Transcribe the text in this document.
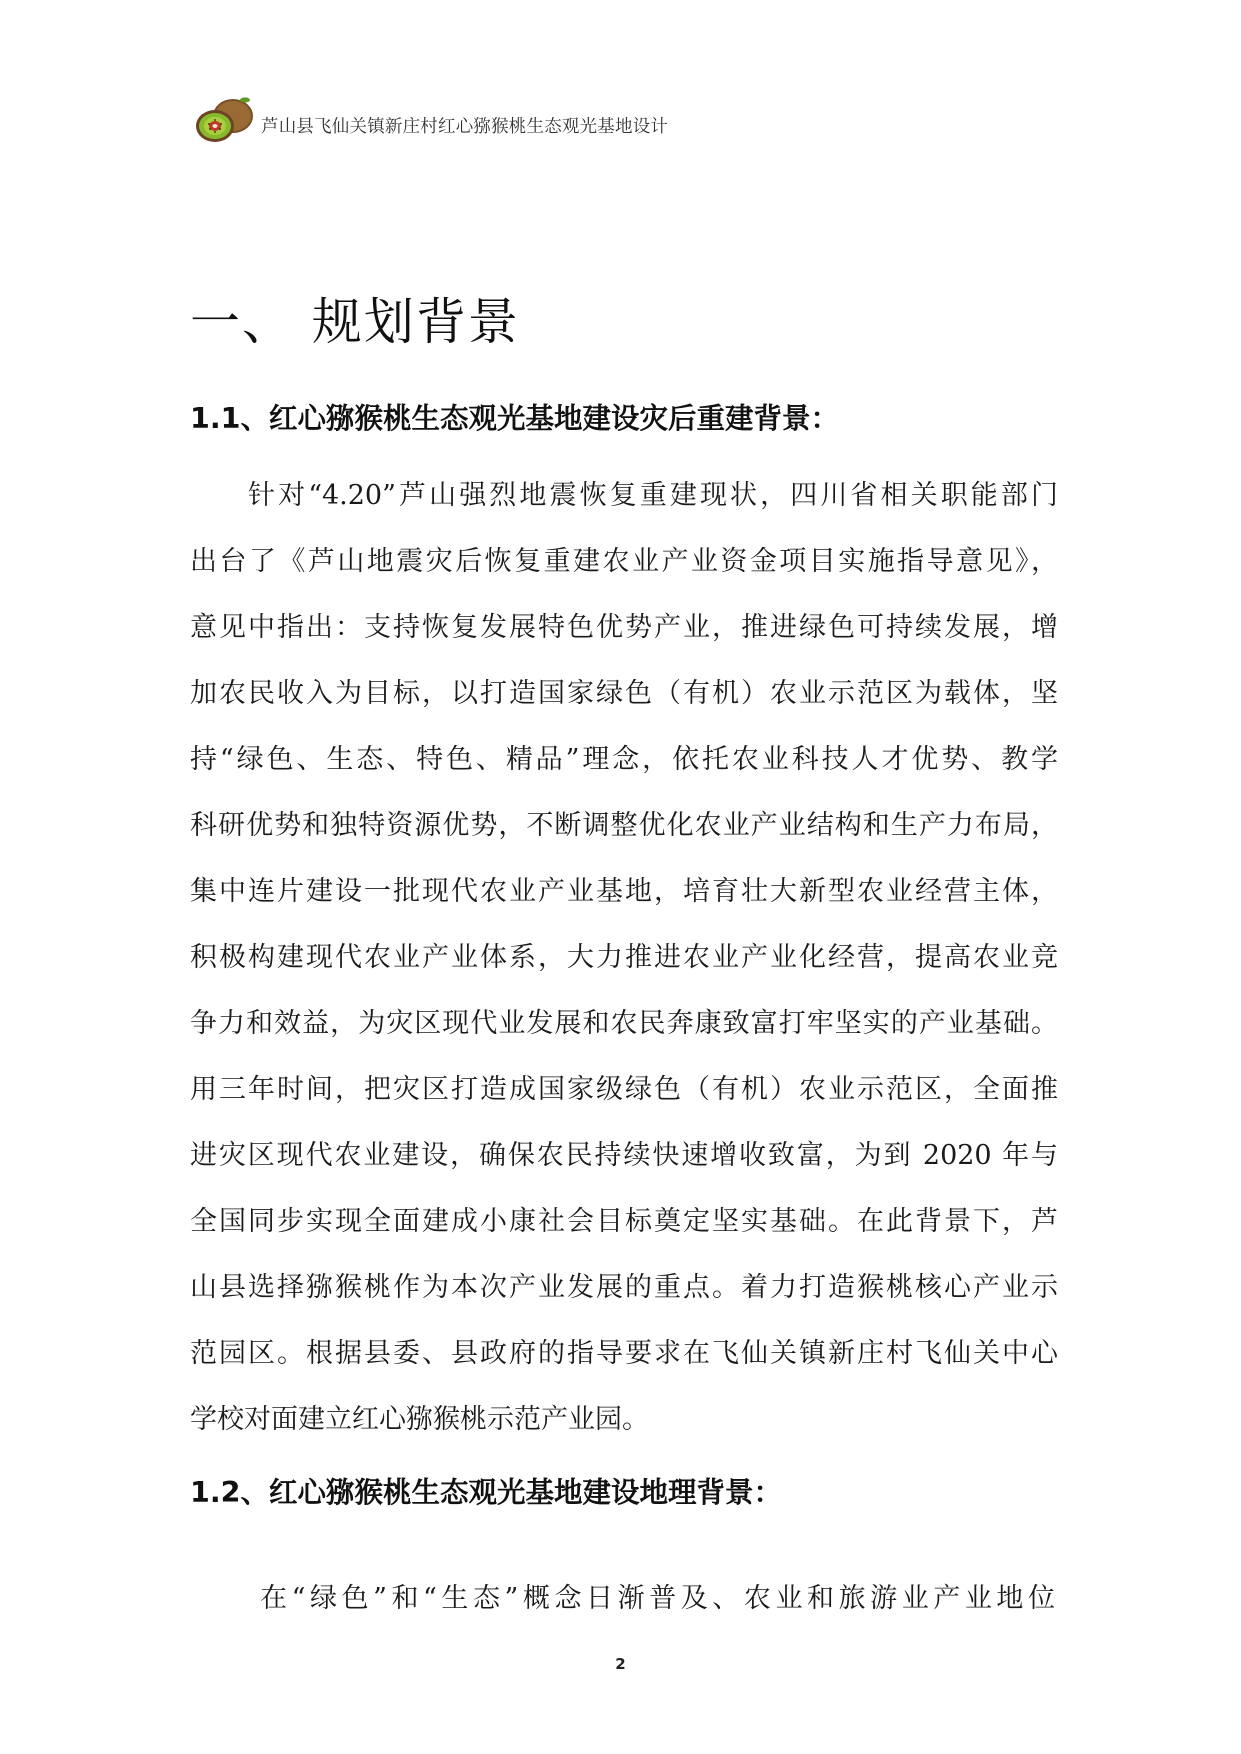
芦山县飞仙关镇新庄村红心猕猴桃生态观光基地设计
一、 规划背景
1.1、红心猕猴桃生态观光基地建设灾后重建背景：
针对“4.20”芦山强烈地震恢复重建现状，四川省相关职能部门
出台了《芦山地震灾后恢复重建农业产业资金项目实施指导意见》，
意见中指出：支持恢复发展特色优势产业，推进绿色可持续发展，增
加农民收入为目标，以打造国家绿色（有机）农业示范区为载体，坚
持“绿色、生态、特色、精品”理念，依托农业科技人才优势、教学
科研优势和独特资源优势，不断调整优化农业产业结构和生产力布局，
集中连片建设一批现代农业产业基地，培育壮大新型农业经营主体，
积极构建现代农业产业体系，大力推进农业产业化经营，提高农业竞
争力和效益，为灾区现代业发展和农民奔康致富打牢坚实的产业基础。
用三年时间，把灾区打造成国家级绿色（有机）农业示范区，全面推
进灾区现代农业建设，确保农民持续快速增收致富，为到 2020 年与
全国同步实现全面建成小康社会目标奠定坚实基础。在此背景下，芦
山县选择猕猴桃作为本次产业发展的重点。着力打造猴桃核心产业示
范园区。根据县委、县政府的指导要求在飞仙关镇新庄村飞仙关中心
学校对面建立红心猕猴桃示范产业园。
1.2、红心猕猴桃生态观光基地建设地理背景：
在“绿色”和“生态”概念日渐普及、农业和旅游业产业地位
2
